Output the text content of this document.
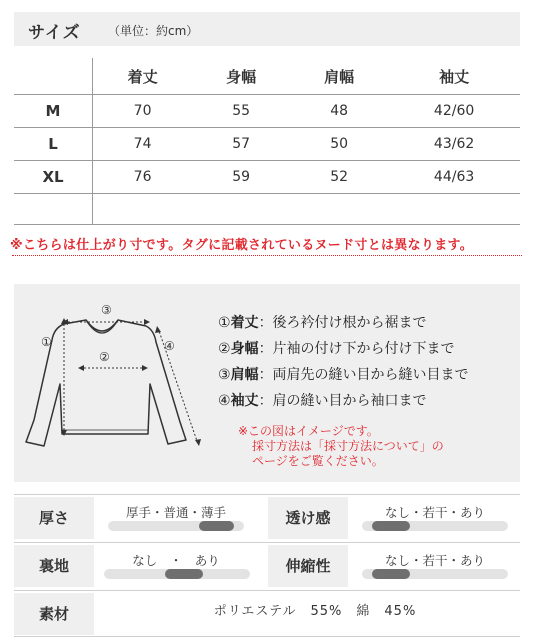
サイズ （単位：約cm）
	着丈	身幅	肩幅	袖丈
M	70	55	48	42/60
L	74	57	50	43/62
XL	76	59	52	44/63

※こちらは仕上がり寸です。タグに記載されているヌード寸とは異なります。
①
②
③
④
①着丈：後ろ衿付け根から裾まで
②身幅：片袖の付け下から付け下まで
③肩幅：両肩先の縫い目から縫い目まで
④袖丈：肩の縫い目から袖口まで
※この図はイメージです。
採寸方法は「採寸方法について」の
ページをご覧ください。
厚さ	厚手・普通・薄手	透け感	なし・若干・あり
裏地	なし　・　あり	伸縮性	なし・若干・あり
素材	ポリエステル　55%　綿　45%
